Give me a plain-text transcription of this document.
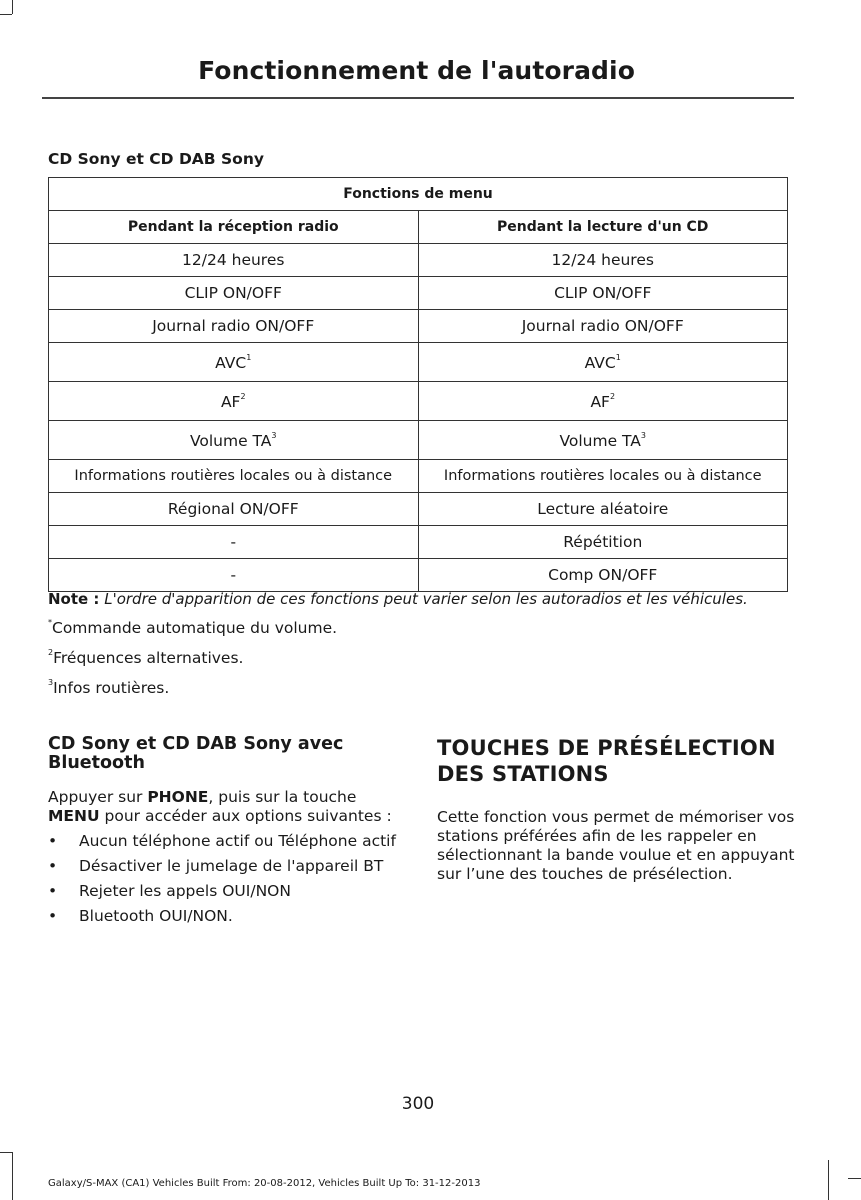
Fonctionnement de l'autoradio
CD Sony et CD DAB Sony
Fonctions de menu	
Pendant la réception radio	Pendant la lecture d'un CD
12/24 heures	12/24 heures
CLIP ON/OFF	CLIP ON/OFF
Journal radio ON/OFF	Journal radio ON/OFF
AVC$^1$	AVC$^1$
$AF^2$	$AF^2$
Volume $TA^3$	Volume $TA^3$
Informations routières locales ou à distance	Informations routières locales ou à distance
Régional ON/OFF	Lecture aléatoire
-	Répétition
-	Comp ON/OFF
Note : L'ordre d'apparition de ces fonctions peut varier selon les autoradios et les véhicules.
*Commande automatique du volume.
$^2$Fréquences alternatives.
$^3$Infos routières.
CD Sony et CD DAB Sony avec Bluetooth

Appuyer sur PHONE, puis sur la touche MENU pour accéder aux options suivantes :

• Aucun téléphone actif ou Téléphone actif
• Désactiver le jumelage de l'appareil BT
• Rejeter les appels OUI/NON
• Bluetooth OUI/NON.
TOUCHES DE PRÉSÉLECTION DES STATIONS

Cette fonction vous permet de mémoriser vos stations préférées afin de les rappeler en sélectionnant la bande voulue et en appuyant sur l’une des touches de présélection.

300
Galaxy/S-MAX (CA1) Vehicles Built From: 20-08-2012, Vehicles Built Up To: 31-12-2013
